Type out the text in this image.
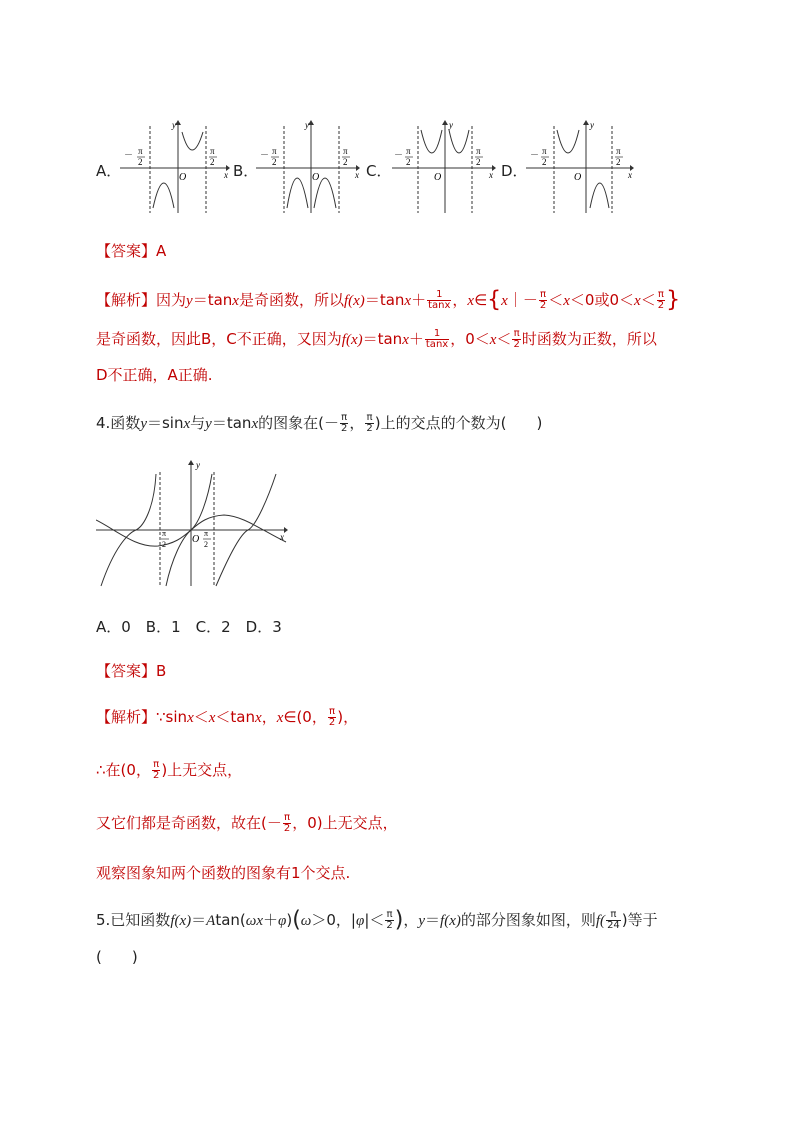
A．	B．	C．	D．
y
x
O
－ π
2
π
2
y
x
O
－ π
2
π
2
y
x
O
－ π
2
π
2
y
x
O
－ π
2
π
2
【答案】A
【解析】因为y＝tanx是奇函数，所以$f(x)=\tan x+ \frac{1}{\tan x}$ ，x∈{x｜－ $\frac{\pi}{2} <x<0$或$0<x< \frac{\pi}{2}$ }
是奇函数，因此B，C不正确，又因为$f(x)=\tan x+ \frac{1}{\tan x}$ ，$0<x< \frac{\pi}{2}$ 时函数为正数，所以
D不正确，A正确.
4.函数y＝sinx与y＝tanx的图象在(－ $\frac{\pi}{2}$ ， $\frac{\pi}{2}$ )上的交点的个数为(　　)
y
x
O
π
2
π
2
A．0　B．1　C．2　D．3
【答案】B
【解析】∵sinx＜x＜tanx，x∈(0， $\frac{\pi}{2}$ )，
∴在(0， $\frac{\pi}{2}$ )上无交点，
又它们都是奇函数，故在(－ $\frac{\pi}{2}$ ，0)上无交点，
观察图象知两个函数的图象有1个交点.
5.已知函数f(x)＝Atan(ωx＋φ)(ω＞0，$|\varphi|< \frac{\pi}{2}$ )，y＝f(x)的部分图象如图，则$f( \frac{\pi}{24}$ )等于
(　　)
